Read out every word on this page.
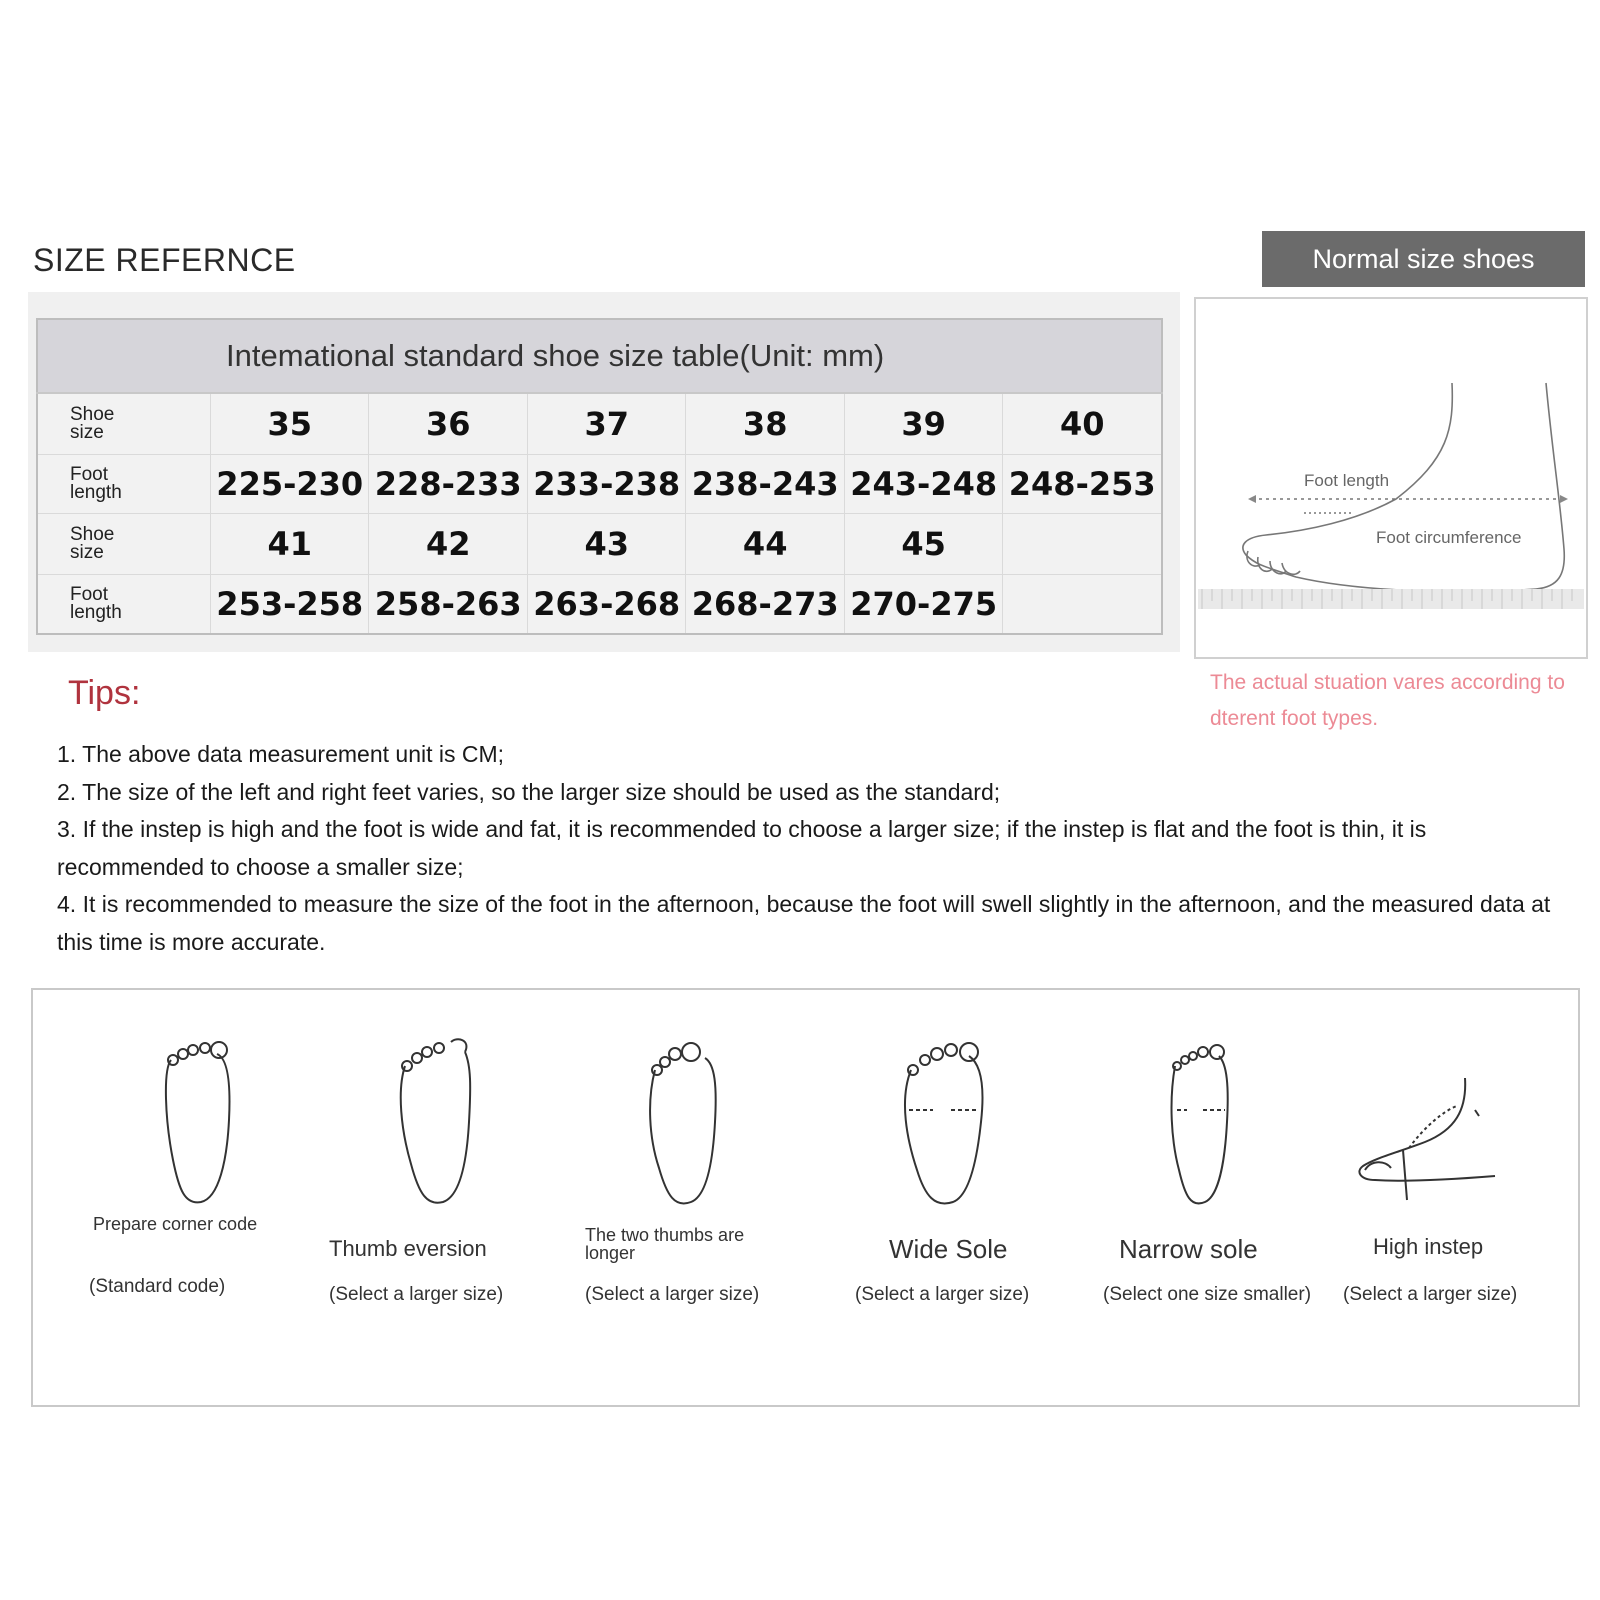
SIZE REFERNCE
Intemational standard shoe size table(Unit: mm)						
Shoe
size	35	36	37	38	39	40
Foot
length	225-230	228-233	233-238	238-243	243-248	248-253
Shoe
size	41	42	43	44	45	
Foot
length	253-258	258-263	263-268	268-273	270-275	
Normal size shoes
Foot length
Foot circumference
The actual stuation vares according to dterent foot types.
Tips:

1. The above data measurement unit is CM;

2. The size of the left and right feet varies, so the larger size should be used as the standard;

3. If the instep is high and the foot is wide and fat, it is recommended to choose a larger size; if the instep is flat and the foot is thin, it is recommended to choose a smaller size;

4. It is recommended to measure the size of the foot in the afternoon, because the foot will swell slightly in the afternoon, and the measured data at this time is more accurate.

Prepare corner code
(Standard code)
Thumb eversion
(Select a larger size)
The two thumbs are longer
(Select a larger size)
Wide Sole
(Select a larger size)
Narrow sole
(Select one size smaller)
High instep
(Select a larger size)
